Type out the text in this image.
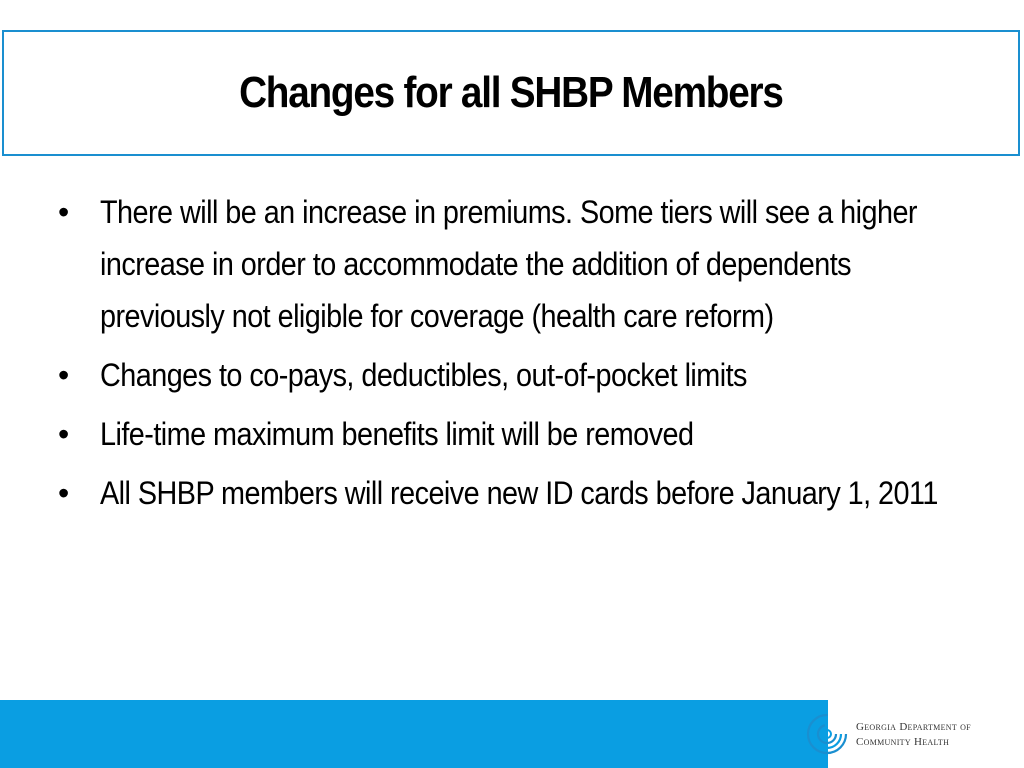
Changes for all SHBP Members
• There will be an increase in premiums. Some tiers will see a higher increase in order to accommodate the addition of dependents previously not eligible for coverage (health care reform)
• Changes to co-pays, deductibles, out-of-pocket limits
• Life-time maximum benefits limit will be removed
• All SHBP members will receive new ID cards before January 1, 2011
Georgia Department of
Community Health
